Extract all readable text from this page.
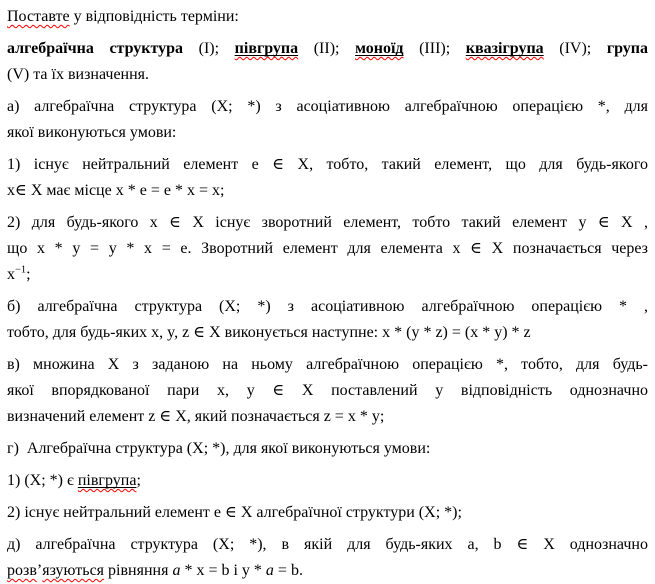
Поставте у відповідність терміни:
алгебраїчна структура (I); півгрупа (II); моноїд (III); квазігрупа (IV); група
(V) та їх визначення.
а) алгебраїчна структура (X; *) з асоціативною алгебраїчною операцією *, для
якої виконуються умови:
1) існує нейтральний елемент е ∈ X, тобто, такий елемент, що для будь-якого
х∈ X має місце x * e = e * x = x;
2) для будь-якого х ∈ X існує зворотний елемент, тобто такий елемент у ∈ X ,
що x * y = y * x = e. Зворотний елемент для елемента x ∈ X позначається через
$x^{-1}$;
б) алгебраїчна структура (X; *) з асоціативною алгебраїчною операцією * ,
тобто, для будь-яких x, y, z ∈ X виконується наступне: x * (y * z) = (x * y) * z
в) множина X з заданою на ньому алгебраїчною операцією *, тобто, для будь-
якої впорядкованої пари x, у ∈ X поставлений у відповідність однозначно
визначений елемент z ∈ X, який позначається z = x * y;
г)  Алгебраїчна структура (X; *), для якої виконуються умови:
1) (X; *) є півгрупа;
2) існує нейтральний елемент е ∈ X алгебраїчної структури (X; *);
д) алгебраїчна структура (X; *), в якій для будь-яких a, b ∈ X однозначно
розв’язуються рівняння a * x = b і y * a = b.
